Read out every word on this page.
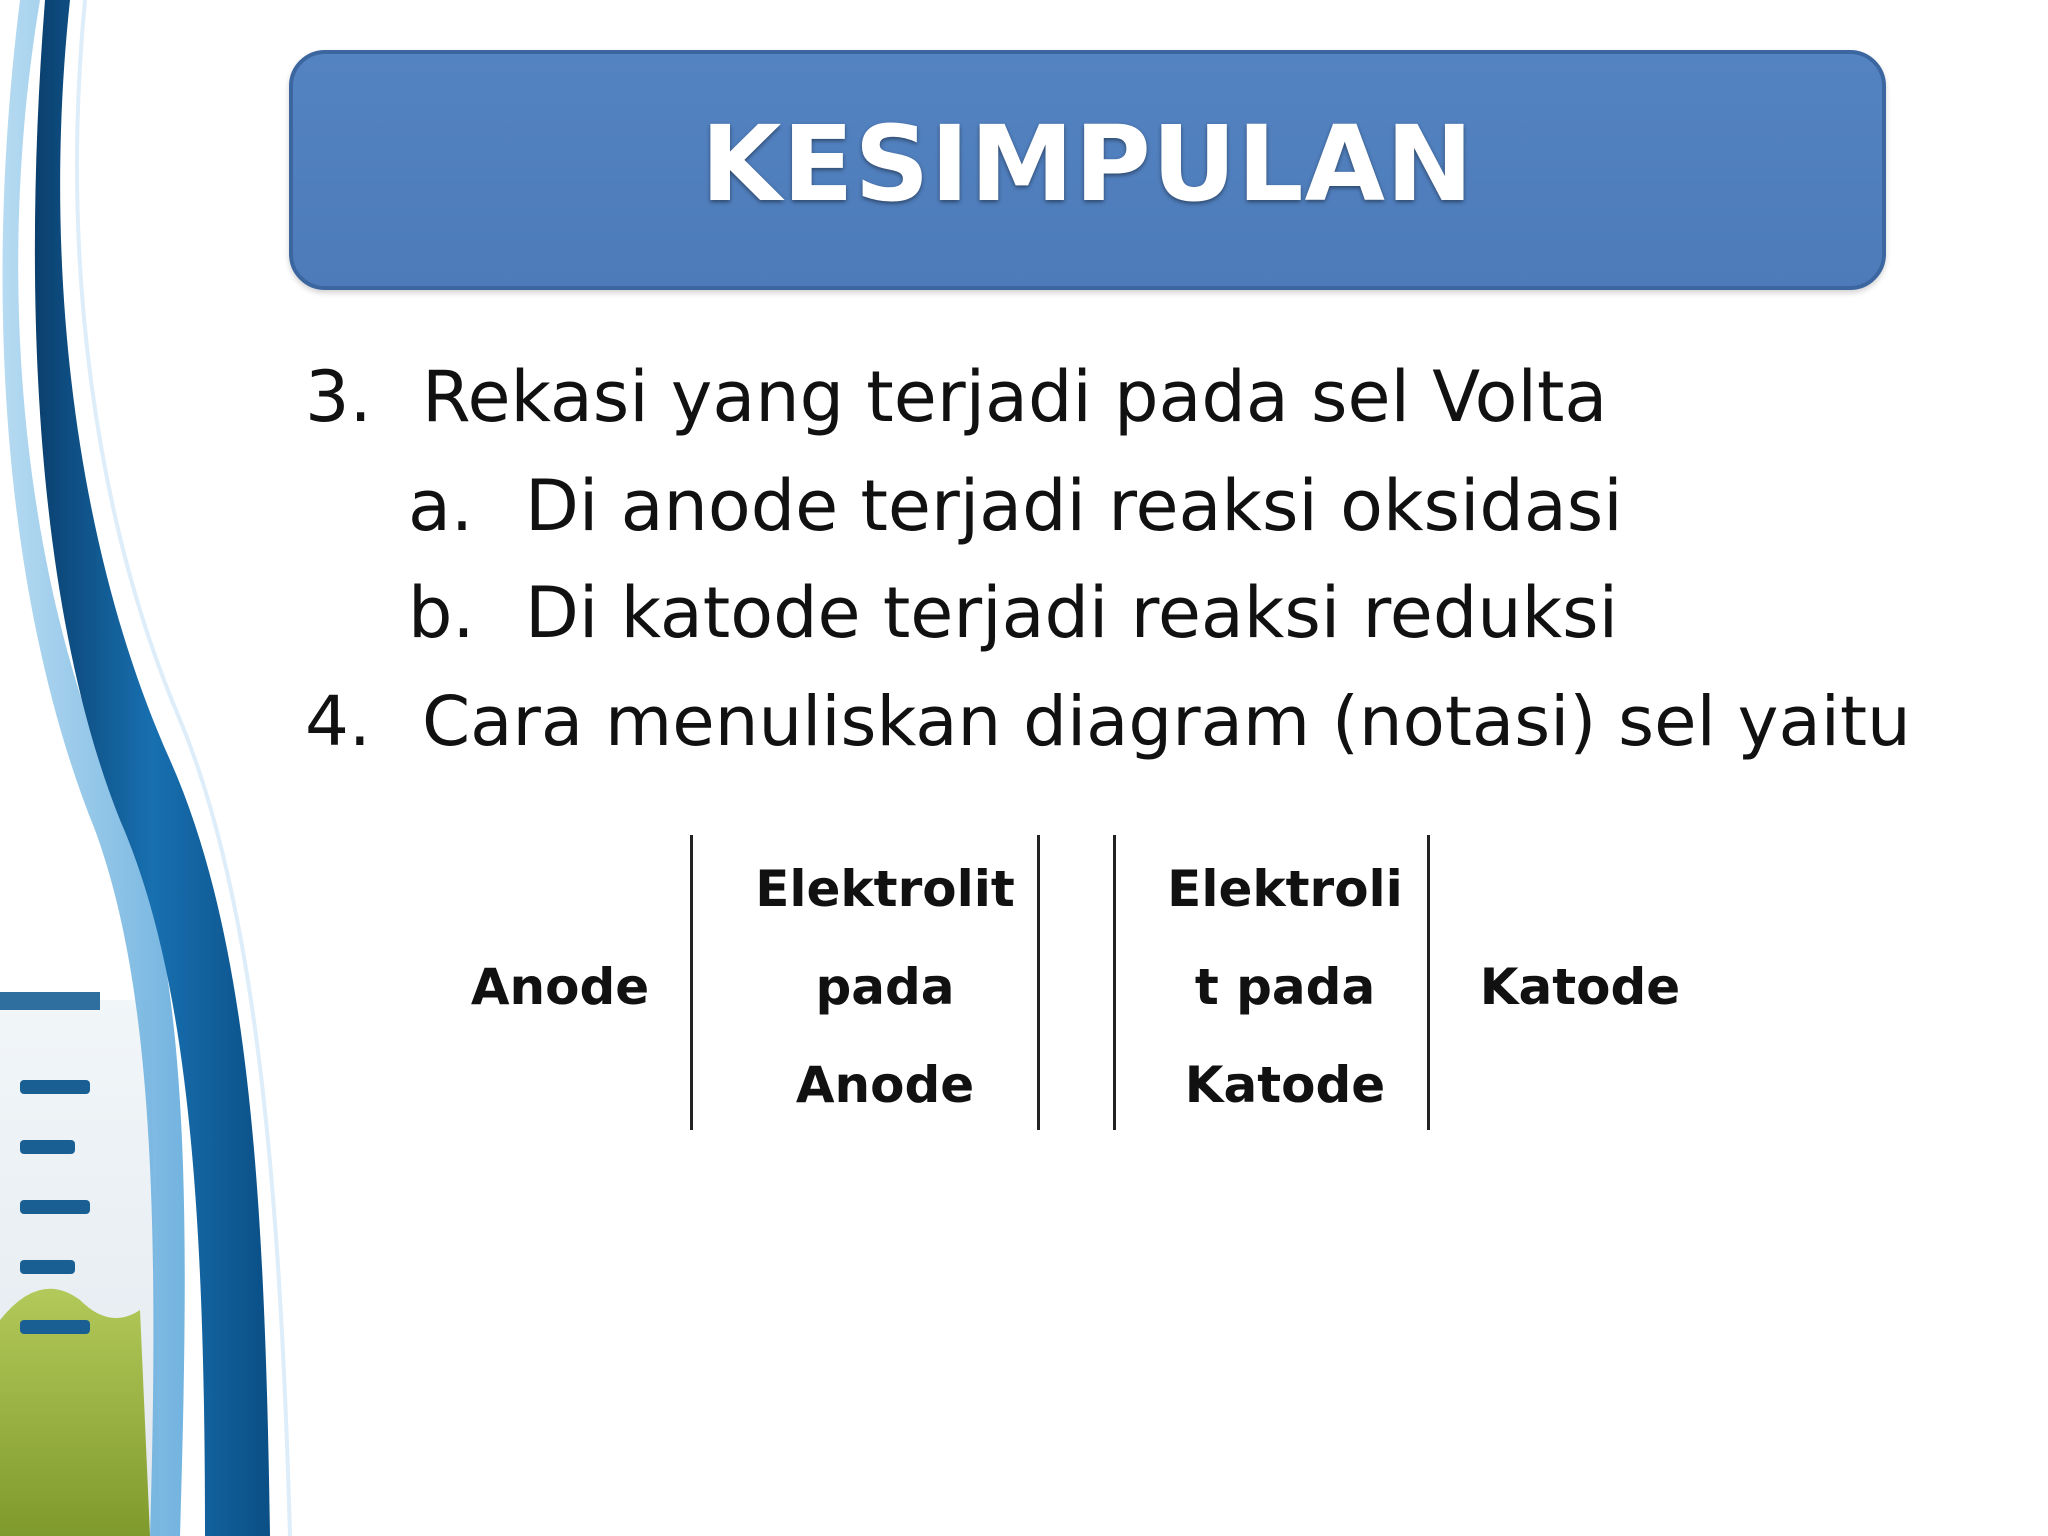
KESIMPULAN
3. Rekasi yang terjadi pada sel Volta
a. Di anode terjadi reaksi oksidasi
b. Di katode terjadi reaksi reduksi
4. Cara menuliskan diagram (notasi) sel yaitu
Anode
Elektrolit
pada
Anode
Elektroli
t pada
Katode
Katode
